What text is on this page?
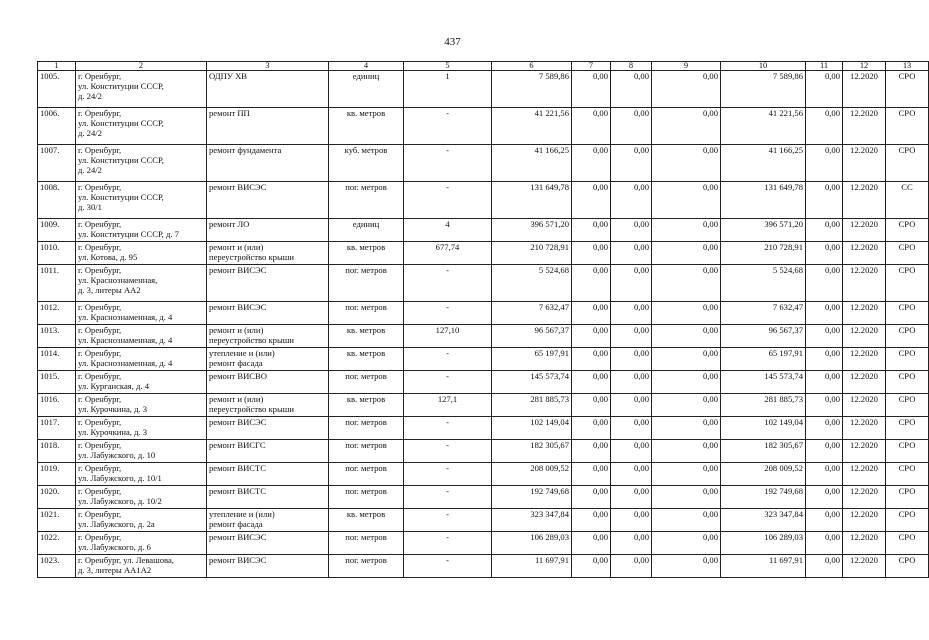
437
1	2	3	4	5	6	7	8	9	10	11	12	13
1005.	г. Оренбург,
ул. Конституции СССР,
д. 24/2	ОДПУ ХВ	единиц	1	7 589,86	0,00	0,00	0,00	7 589,86	0,00	12.2020	СРО
1006.	г. Оренбург,
ул. Конституции СССР,
д. 24/2	ремонт ПП	кв. метров	-	41 221,56	0,00	0,00	0,00	41 221,56	0,00	12.2020	СРО
1007.	г. Оренбург,
ул. Конституции СССР,
д. 24/2	ремонт фундамента	куб. метров	-	41 166,25	0,00	0,00	0,00	41 166,25	0,00	12.2020	СРО
1008.	г. Оренбург,
ул. Конституции СССР,
д. 30/1	ремонт ВИСЭС	пог. метров	-	131 649,78	0,00	0,00	0,00	131 649,78	0,00	12.2020	СС
1009.	г. Оренбург,
ул. Конституции СССР, д. 7	ремонт ЛО	единиц	4	396 571,20	0,00	0,00	0,00	396 571,20	0,00	12.2020	СРО
1010.	г. Оренбург,
ул. Котова, д. 95	ремонт и (или)
переустройство крыши	кв. метров	677,74	210 728,91	0,00	0,00	0,00	210 728,91	0,00	12.2020	СРО
1011.	г. Оренбург,
ул. Краснознаменная,
д. 3, литеры АА2	ремонт ВИСЭС	пог. метров	-	5 524,68	0,00	0,00	0,00	5 524,68	0,00	12.2020	СРО
1012.	г. Оренбург,
ул. Краснознаменная, д. 4	ремонт ВИСЭС	пог. метров	-	7 632,47	0,00	0,00	0,00	7 632,47	0,00	12.2020	СРО
1013.	г. Оренбург,
ул. Краснознаменная, д. 4	ремонт и (или)
переустройство крыши	кв. метров	127,10	96 567,37	0,00	0,00	0,00	96 567,37	0,00	12.2020	СРО
1014.	г. Оренбург,
ул. Краснознаменная, д. 4	утепление и (или)
ремонт фасада	кв. метров	-	65 197,91	0,00	0,00	0,00	65 197,91	0,00	12.2020	СРО
1015.	г. Оренбург,
ул. Курганская, д. 4	ремонт ВИСВО	пог. метров	-	145 573,74	0,00	0,00	0,00	145 573,74	0,00	12.2020	СРО
1016.	г. Оренбург,
ул. Курочкина, д. 3	ремонт и (или)
переустройство крыши	кв. метров	127,1	281 885,73	0,00	0,00	0,00	281 885,73	0,00	12.2020	СРО
1017.	г. Оренбург,
ул. Курочкина, д. 3	ремонт ВИСЭС	пог. метров	-	102 149,04	0,00	0,00	0,00	102 149,04	0,00	12.2020	СРО
1018.	г. Оренбург,
ул. Лабужского, д. 10	ремонт ВИСГС	пог. метров	-	182 305,67	0,00	0,00	0,00	182 305,67	0,00	12.2020	СРО
1019.	г. Оренбург,
ул. Лабужского, д. 10/1	ремонт ВИСТС	пог. метров	-	208 009,52	0,00	0,00	0,00	208 009,52	0,00	12.2020	СРО
1020.	г. Оренбург,
ул. Лабужского, д. 10/2	ремонт ВИСТС	пог. метров	-	192 749,68	0,00	0,00	0,00	192 749,68	0,00	12.2020	СРО
1021.	г. Оренбург,
ул. Лабужского, д. 2а	утепление и (или)
ремонт фасада	кв. метров	-	323 347,84	0,00	0,00	0,00	323 347,84	0,00	12.2020	СРО
1022.	г. Оренбург,
ул. Лабужского, д. 6	ремонт ВИСЭС	пог. метров	-	106 289,03	0,00	0,00	0,00	106 289,03	0,00	12.2020	СРО
1023.	г. Оренбург, ул. Левашова,
д. 3, литеры АА1А2	ремонт ВИСЭС	пог. метров	-	11 697,91	0,00	0,00	0,00	11 697,91	0,00	12.2020	СРО
